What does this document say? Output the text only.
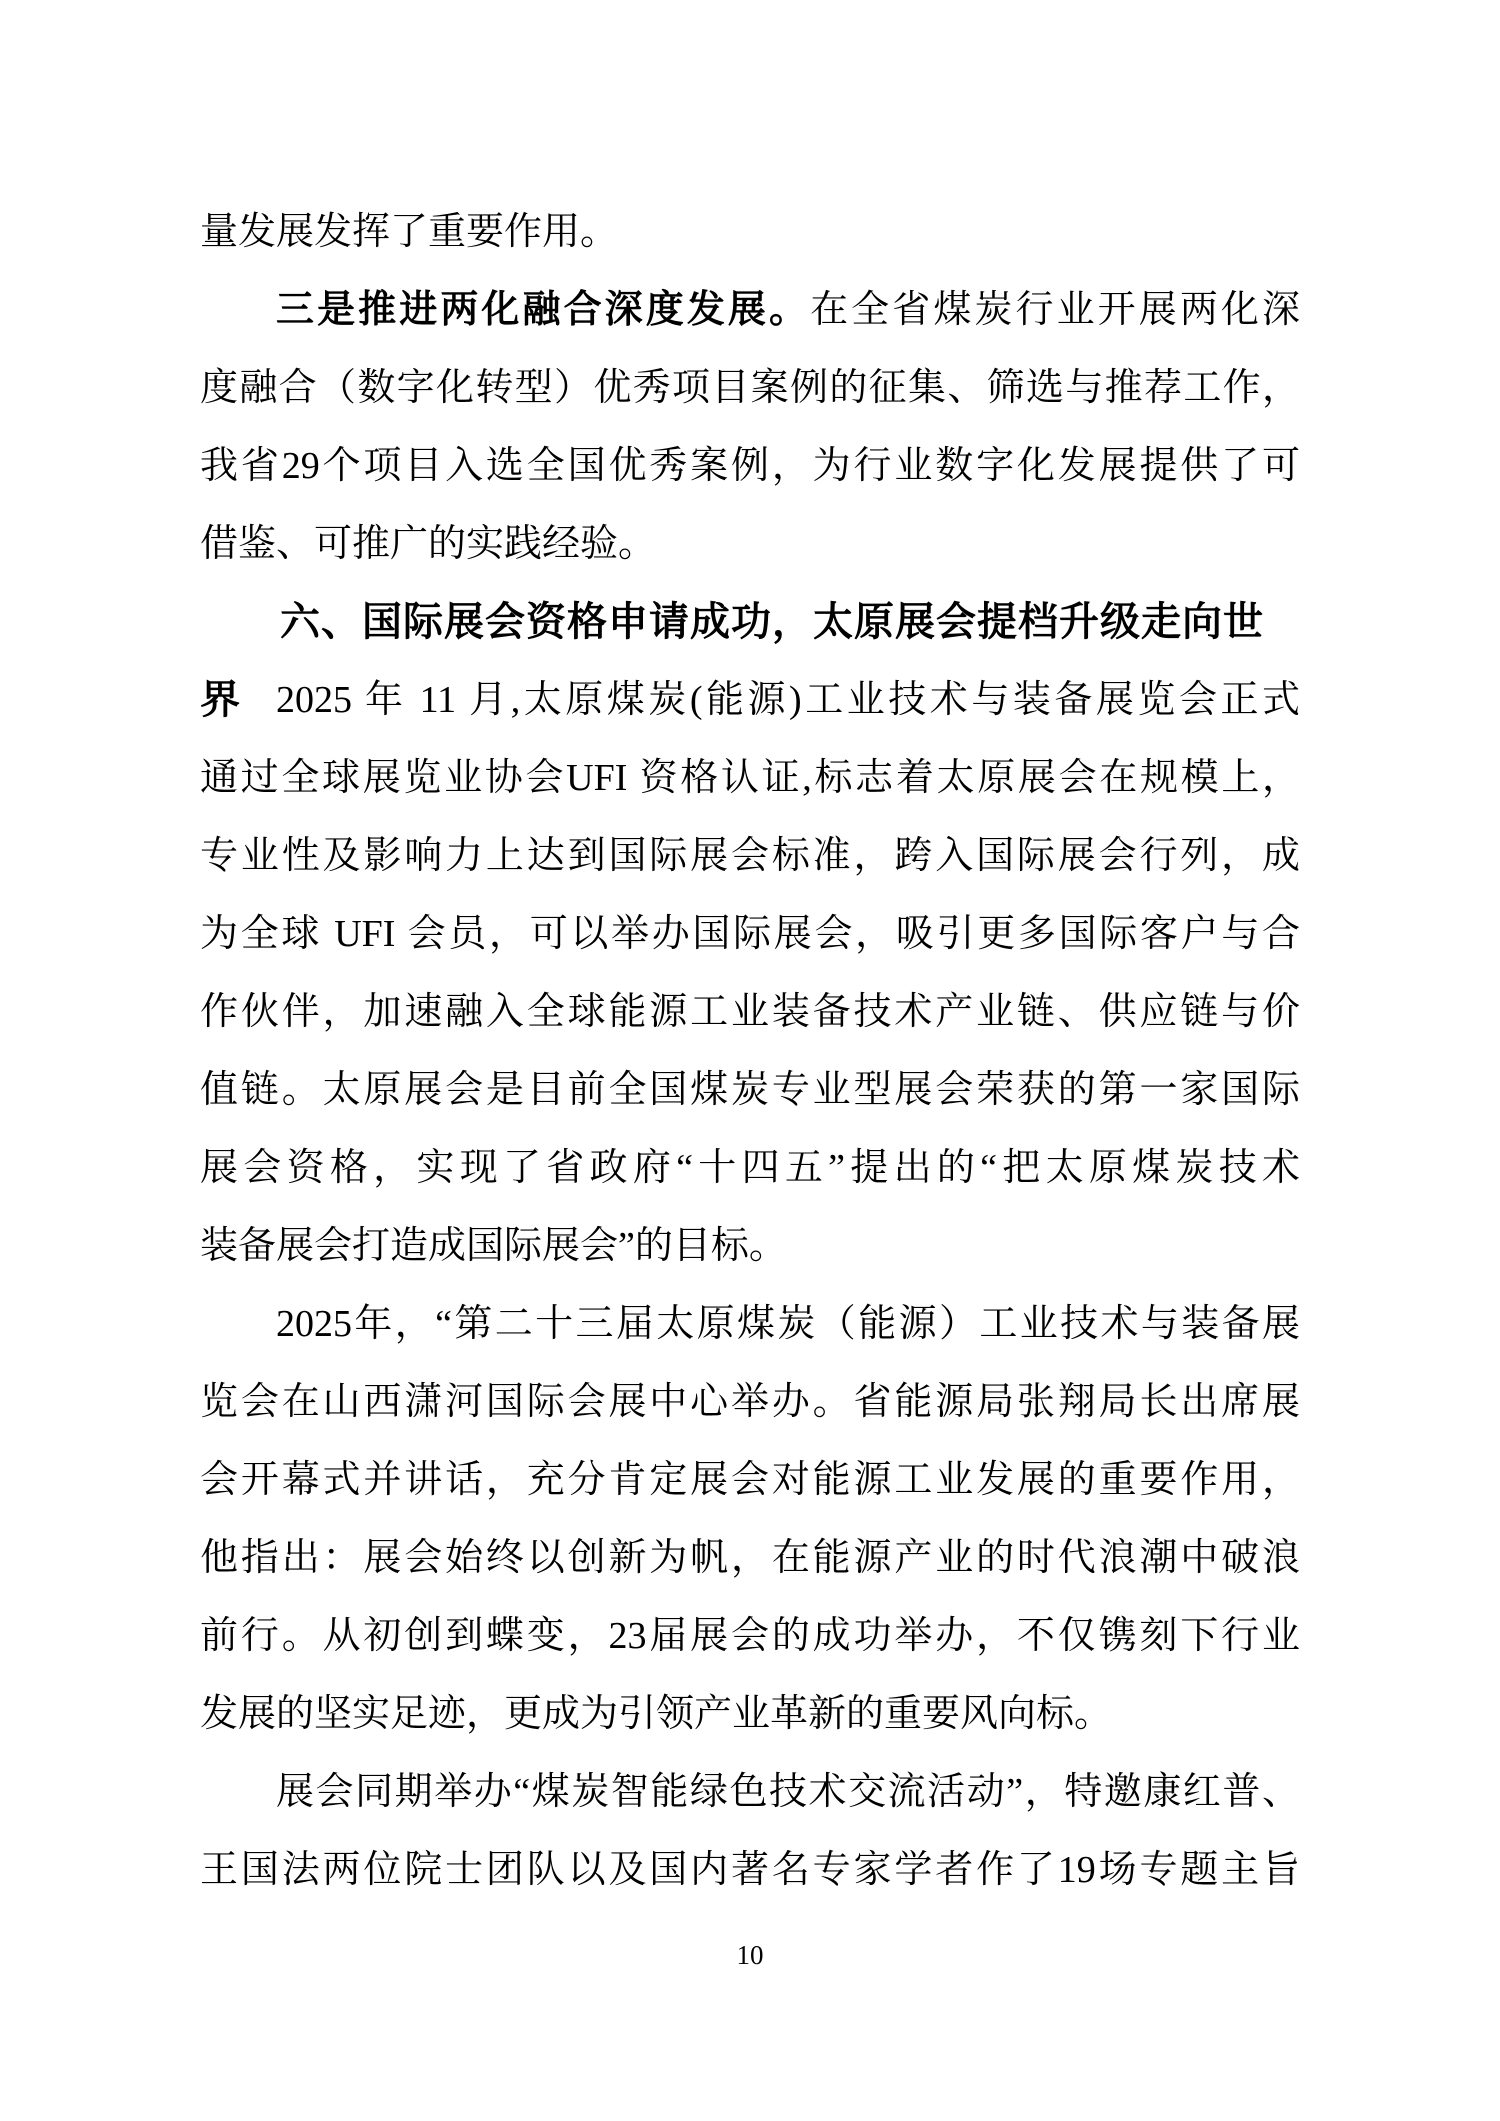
量发展发挥了重要作用。
三是推进两化融合深度发展。在全省煤炭行业开展两化深
度融合（数字化转型）优秀项目案例的征集、筛选与推荐工作，
我省29个项目入选全国优秀案例，为行业数字化发展提供了可
借鉴、可推广的实践经验。
六、国际展会资格申请成功，太原展会提档升级走向世界 2025 年 11 月,太原煤炭(能源)工业技术与装备展览会正式
通过全球展览业协会UFI 资格认证,标志着太原展会在规模上，
专业性及影响力上达到国际展会标准，跨入国际展会行列，成
为全球 UFI 会员，可以举办国际展会，吸引更多国际客户与合
作伙伴，加速融入全球能源工业装备技术产业链、供应链与价
值链。太原展会是目前全国煤炭专业型展会荣获的第一家国际
展会资格，实现了省政府“十四五”提出的“把太原煤炭技术
装备展会打造成国际展会”的目标。
2025年，“第二十三届太原煤炭（能源）工业技术与装备展
览会在山西潇河国际会展中心举办。省能源局张翔局长出席展
会开幕式并讲话，充分肯定展会对能源工业发展的重要作用，
他指出：展会始终以创新为帆，在能源产业的时代浪潮中破浪
前行。从初创到蝶变，23届展会的成功举办，不仅镌刻下行业
发展的坚实足迹，更成为引领产业革新的重要风向标。
展会同期举办“煤炭智能绿色技术交流活动”，特邀康红普、
王国法两位院士团队以及国内著名专家学者作了19场专题主旨
10
